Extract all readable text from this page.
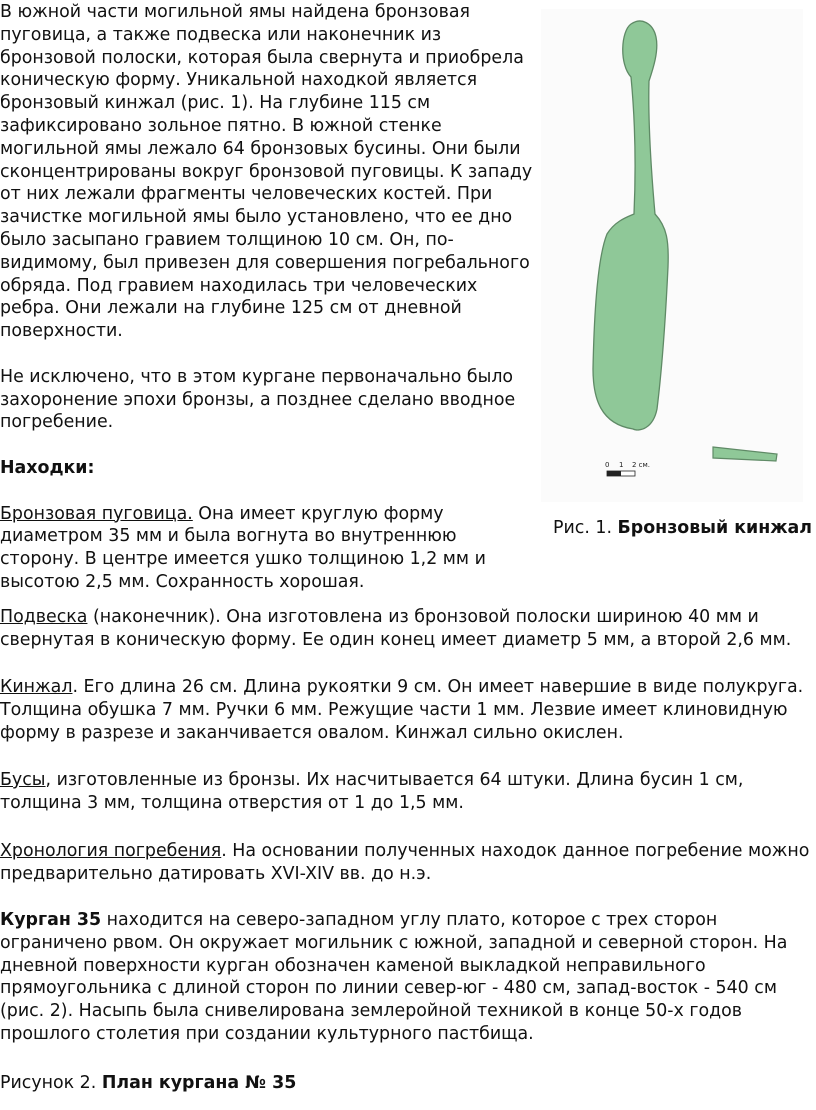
В южной части могильной ямы найдена бронзовая пуговица, а также подвеска или наконечник из бронзовой полоски, которая была свернута и приобрела коническую форму. Уникальной находкой является бронзовый кинжал (рис. 1). На глубине 115 см зафиксировано зольное пятно. В южной стенке могильной ямы лежало 64 бронзовых бусины. Они были сконцентрированы вокруг бронзовой пуговицы. К западу от них лежали фрагменты человеческих костей. При зачистке могильной ямы было установлено, что ее дно было засыпано гравием толщиною 10 см. Он, по-видимому, был привезен для совершения погребального обряда. Под гравием находилась три человеческих ребра. Они лежали на глубине 125 см от дневной поверхности.

Не исключено, что в этом кургане первоначально было захоронение эпохи бронзы, а позднее сделано вводное погребение.

Находки:

Бронзовая пуговица. Она имеет круглую форму диаметром 35 мм и была вогнута во внутреннюю сторону. В центре имеется ушко толщиною 1,2 мм и высотою 2,5 мм. Сохранность хорошая.

0 1 2 см.
Рис. 1. Бронзовый кинжал

Подвеска (наконечник). Она изготовлена из бронзовой полоски шириною 40 мм и свернутая в коническую форму. Ее один конец имеет диаметр 5 мм, а второй 2,6 мм.

Кинжал. Его длина 26 см. Длина рукоятки 9 см. Он имеет навершие в виде полукруга. Толщина обушка 7 мм. Ручки 6 мм. Режущие части 1 мм. Лезвие имеет клиновидную форму в разрезе и заканчивается овалом. Кинжал сильно окислен.

Бусы, изготовленные из бронзы. Их насчитывается 64 штуки. Длина бусин 1 см, толщина 3 мм, толщина отверстия от 1 до 1,5 мм.

Хронология погребения. На основании полученных находок данное погребение можно предварительно датировать XVI-XIV вв. до н.э.

Курган 35 находится на северо-западном углу плато, которое с трех сторон ограничено рвом. Он окружает могильник с южной, западной и северной сторон. На дневной поверхности курган обозначен каменой выкладкой неправильного прямоугольника с длиной сторон по линии север-юг - 480 см, запад-восток - 540 см (рис. 2). Насыпь была снивелирована землеройной техникой в конце 50-х годов прошлого столетия при создании культурного пастбища.

Рисунок 2. План кургана № 35
